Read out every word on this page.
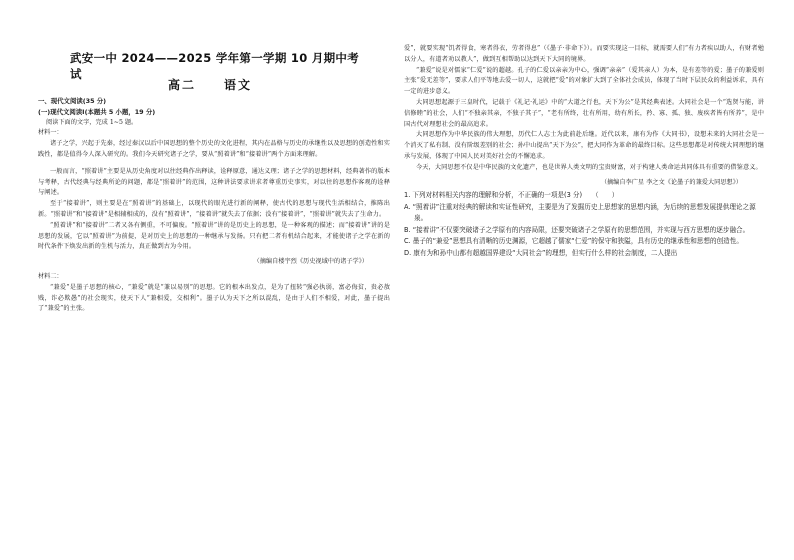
武安一中 2024——2025 学年第一学期 10 月期中考试
高二 语文

一、现代文阅读(35 分)

(一)现代文阅读Ⅰ(本题共 5 小题，19 分)

阅读下面的文字，完成 1~5 题。

材料一：

诸子之学，兴起于先秦，经过秦汉以后中国思想的整个历史的文化进程，其内在品格与历史的承继性以及思想的创造性和实践性，都是值得今人深入研究的。我们今天研究诸子之学，要从“照着讲”和“接着讲”两个方面来理解。

一般而言，“照着讲”主要是从历史角度对以往经典作出释读，诠释原意，通达义理；诸子之学的思想材料，经典著作的版本与考释，古代经典与经典所论的问题，都是“照着讲”的范围，这种讲法要求讲求者尊重历史事实，对以往的思想作客观的诠释与阐述。

至于“接着讲”，则主要是在“照着讲”的基础上，以现代的眼光进行新的阐释，使古代的思想与现代生活相结合，推陈出新。“照着讲”和“接着讲”是相辅相成的，没有“照着讲”，“接着讲”就失去了依据；没有“接着讲”，“照着讲”就失去了生命力。

“照着讲”和“接着讲”二者又各有侧重，不可偏废。“照着讲”讲的是历史上的思想，是一种客观的描述；而“接着讲”讲的是思想的发展，它以“照着讲”为前提，是对历史上的思想的一种继承与发扬。只有把二者有机结合起来，才能使诸子之学在新的时代条件下焕发出新的生机与活力，真正做到古为今用。

（摘编自楼宇烈《历史视域中的诸子学》）

材料二：

“兼爱”是墨子思想的核心，“兼爱”就是“兼以易别”的思想。它的根本出发点，是为了扭转“强必执弱，富必侮贫，贵必敖贱，诈必欺愚”的社会现实，使天下人“兼相爱，交相利”。墨子认为天下之所以混乱，是由于人们不相爱，对此，墨子提出了“兼爱”的主张。

爱”，就要实现“饥者得食，寒者得衣，劳者得息”（《墨子·非命下》）。而要实现这一目标，就需要人们“有力者疾以助人，有财者勉以分人，有道者劝以教人”，做到互相帮助以达到天下大同的境界。

“兼爱”说是对儒家“仁爱”说的超越。孔子的仁爱以亲亲为中心，强调“亲亲”（爱其亲人）为本，是有差等的爱；墨子的兼爱则主张“爱无差等”，要求人们平等地去爱一切人，这就把“爱”的对象扩大到了全体社会成员，体现了当时下层民众的利益诉求，具有一定的进步意义。

大同思想起源于三皇时代，记载于《礼记·礼运》中的“大道之行也，天下为公”是其经典表述。大同社会是一个“选贤与能，讲信修睦”的社会，人们“不独亲其亲，不独子其子”，“老有所终，壮有所用，幼有所长，矜、寡、孤、独、废疾者皆有所养”，是中国古代对理想社会的最高追求。

大同思想作为中华民族的伟大理想，历代仁人志士为此前赴后继。近代以来，康有为作《大同书》，设想未来的大同社会是一个消灭了私有制、没有阶级差别的社会；孙中山提出“天下为公”，把大同作为革命的最终目标。这些思想都是对传统大同理想的继承与发展，体现了中国人民对美好社会的不懈追求。

今天，大同思想不仅是中华民族的文化遗产，也是世界人类文明的宝贵财富，对于构建人类命运共同体具有重要的借鉴意义。

（摘编自李广星 李之文《论墨子的兼爱大同思想》）

1. 下列对材料相关内容的理解和分析，不正确的一项是(3 分)　　（　　）

A. “照着讲”注重对经典的解读和实证性研究，主要是为了发掘历史上思想家的思想内涵，为后续的思想发展提供理论之源泉。

B. “接着讲”不仅要突破诸子之学原有的内容局限，还要突破诸子之学原有的思想范围，并实现与西方思想的逐步融合。

C. 墨子的“兼爱”思想具有清晰的历史渊源，它超越了儒家“仁爱”的保守和狭隘，具有历史的继承性和思想的创造性。

D. 康有为和孙中山都有超越国界建设“大同社会”的理想，但实行什么样的社会制度，二人提出
